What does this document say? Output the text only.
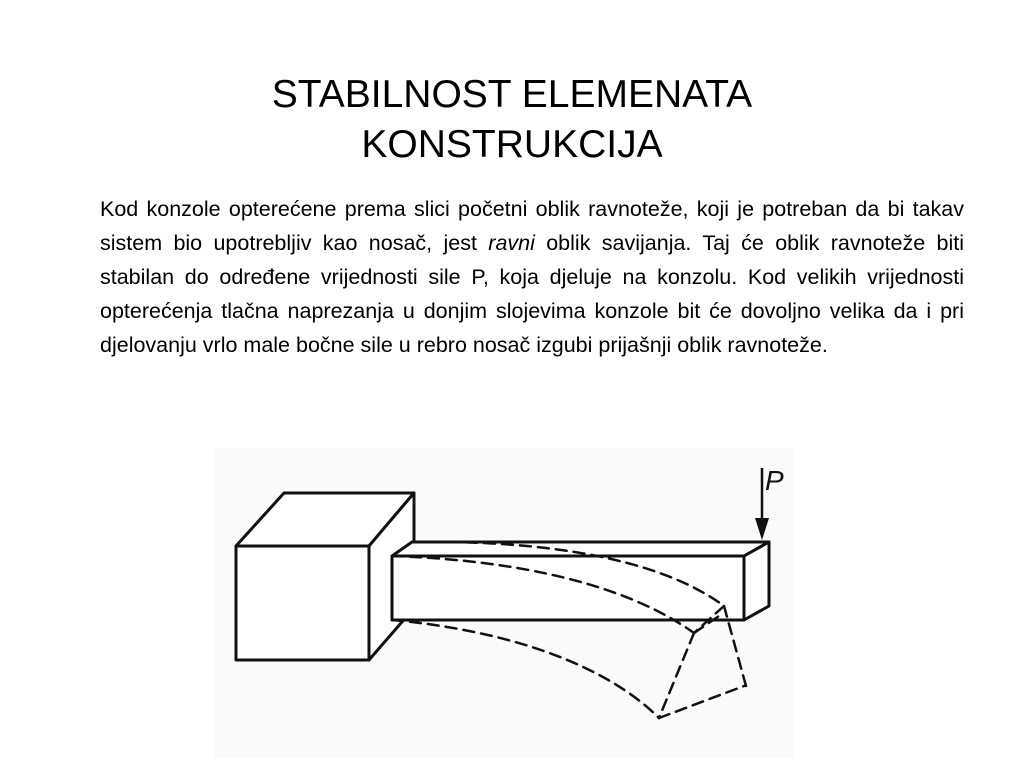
STABILNOST ELEMENATA
KONSTRUKCIJA

Kod konzole opterećene prema slici početni oblik ravnoteže, koji je potreban da bi takav sistem bio upotrebljiv kao nosač, jest ravni oblik savijanja. Taj će oblik ravnoteže biti stabilan do određene vrijednosti sile P, koja djeluje na konzolu. Kod velikih vrijednosti opterećenja tlačna naprezanja u donjim slojevima konzole bit će dovoljno velika da i pri djelovanju vrlo male bočne sile u rebro nosač izgubi prijašnji oblik ravnoteže.

P
